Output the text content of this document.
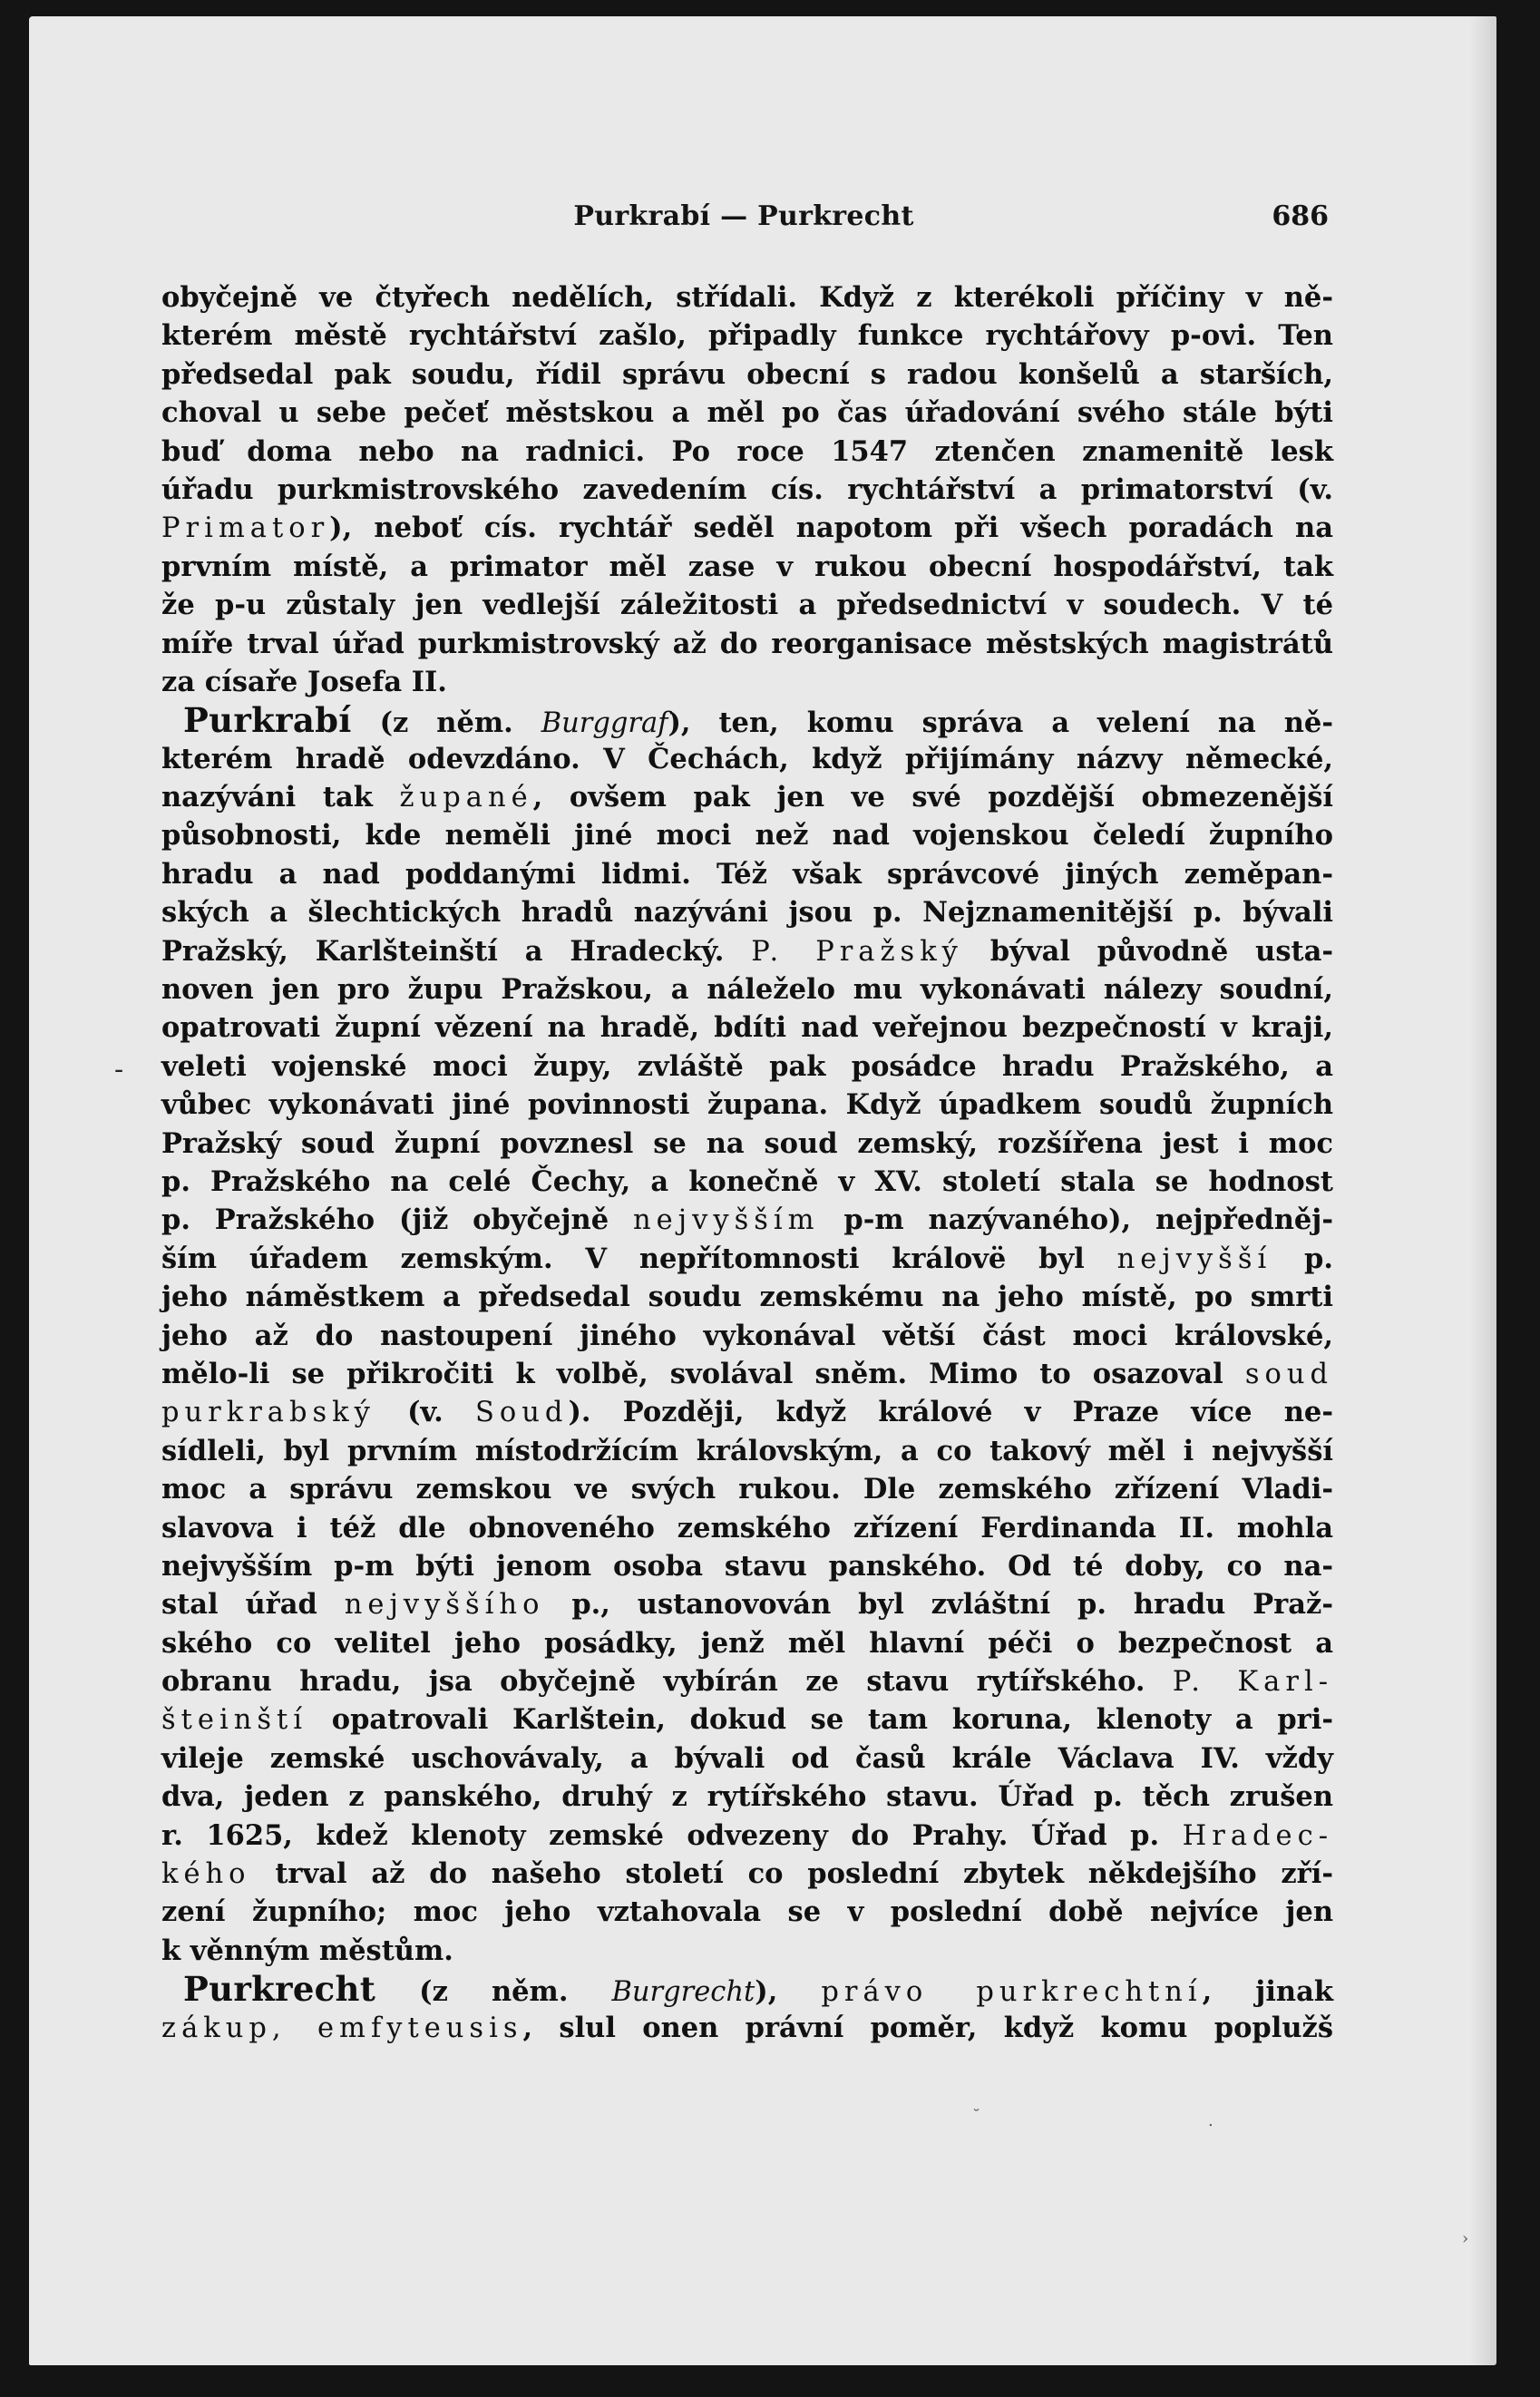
Purkrabí — Purkrecht	686
-
obyčejně ve čtyřech nedělích, střídali. Když z kterékoli příčiny v ně-
kterém městě rychtářství zašlo, připadly funkce rychtářovy p-ovi. Ten
předsedal pak soudu, řídil správu obecní s radou konšelů a starších,
choval u sebe pečeť městskou a měl po čas úřadování svého stále býti
buď doma nebo na radnici. Po roce 1547 ztenčen znamenitě lesk
úřadu purkmistrovského zavedením cís. rychtářství a primatorství (v.
Primator), neboť cís. rychtář seděl napotom při všech poradách na
prvním místě, a primator měl zase v rukou obecní hospodářství, tak
že p-u zůstaly jen vedlejší záležitosti a předsednictví v soudech. V té
míře trval úřad purkmistrovský až do reorganisace městských magistrátů
za císaře Josefa II.
Purkrabí (z něm. Burggraf), ten, komu správa a velení na ně-
kterém hradě odevzdáno. V Čechách, když přijímány názvy německé,
nazýváni tak župané, ovšem pak jen ve své pozdější obmezenější
působnosti, kde neměli jiné moci než nad vojenskou čeledí župního
hradu a nad poddanými lidmi. Též však správcové jiných zeměpan-
ských a šlechtických hradů nazýváni jsou p. Nejznamenitější p. bývali
Pražský, Karlšteinští a Hradecký. P. Pražský býval původně usta-
noven jen pro župu Pražskou, a náleželo mu vykonávati nálezy soudní,
opatrovati župní vězení na hradě, bdíti nad veřejnou bezpečností v kraji,
veleti vojenské moci župy, zvláště pak posádce hradu Pražského, a
vůbec vykonávati jiné povinnosti župana. Když úpadkem soudů župních
Pražský soud župní povznesl se na soud zemský, rozšířena jest i moc
p. Pražského na celé Čechy, a konečně v XV. století stala se hodnost
p. Pražského (již obyčejně nejvyšším p-m nazývaného), nejpředněj-
ším úřadem zemským. V nepřítomnosti královë byl nejvyšší p.
jeho náměstkem a předsedal soudu zemskému na jeho místě, po smrti
jeho až do nastoupení jiného vykonával větší část moci královské,
mělo-li se přikročiti k volbě, svolával sněm. Mimo to osazoval soud
purkrabský (v. Soud). Později, když králové v Praze více ne-
sídleli, byl prvním místodržícím královským, a co takový měl i nejvyšší
moc a správu zemskou ve svých rukou. Dle zemského zřízení Vladi-
slavova i též dle obnoveného zemského zřízení Ferdinanda II. mohla
nejvyšším p-m býti jenom osoba stavu panského. Od té doby, co na-
stal úřad nejvyššího p., ustanovován byl zvláštní p. hradu Praž-
ského co velitel jeho posádky, jenž měl hlavní péči o bezpečnost a
obranu hradu, jsa obyčejně vybírán ze stavu rytířského. P. Karl-
šteinští opatrovali Karlštein, dokud se tam koruna, klenoty a pri-
vileje zemské uschovávaly, a bývali od časů krále Václava IV. vždy
dva, jeden z panského, druhý z rytířského stavu. Úřad p. těch zrušen
r. 1625, kdež klenoty zemské odvezeny do Prahy. Úřad p. Hradec-
kého trval až do našeho století co poslední zbytek někdejšího zří-
zení župního; moc jeho vztahovala se v poslední době nejvíce jen
k věnným městům.
Purkrecht (z něm. Burgrecht), právo purkrechtní, jinak
zákup, emfyteusis, slul onen právní poměr, když komu poplužš
˘	.
›
